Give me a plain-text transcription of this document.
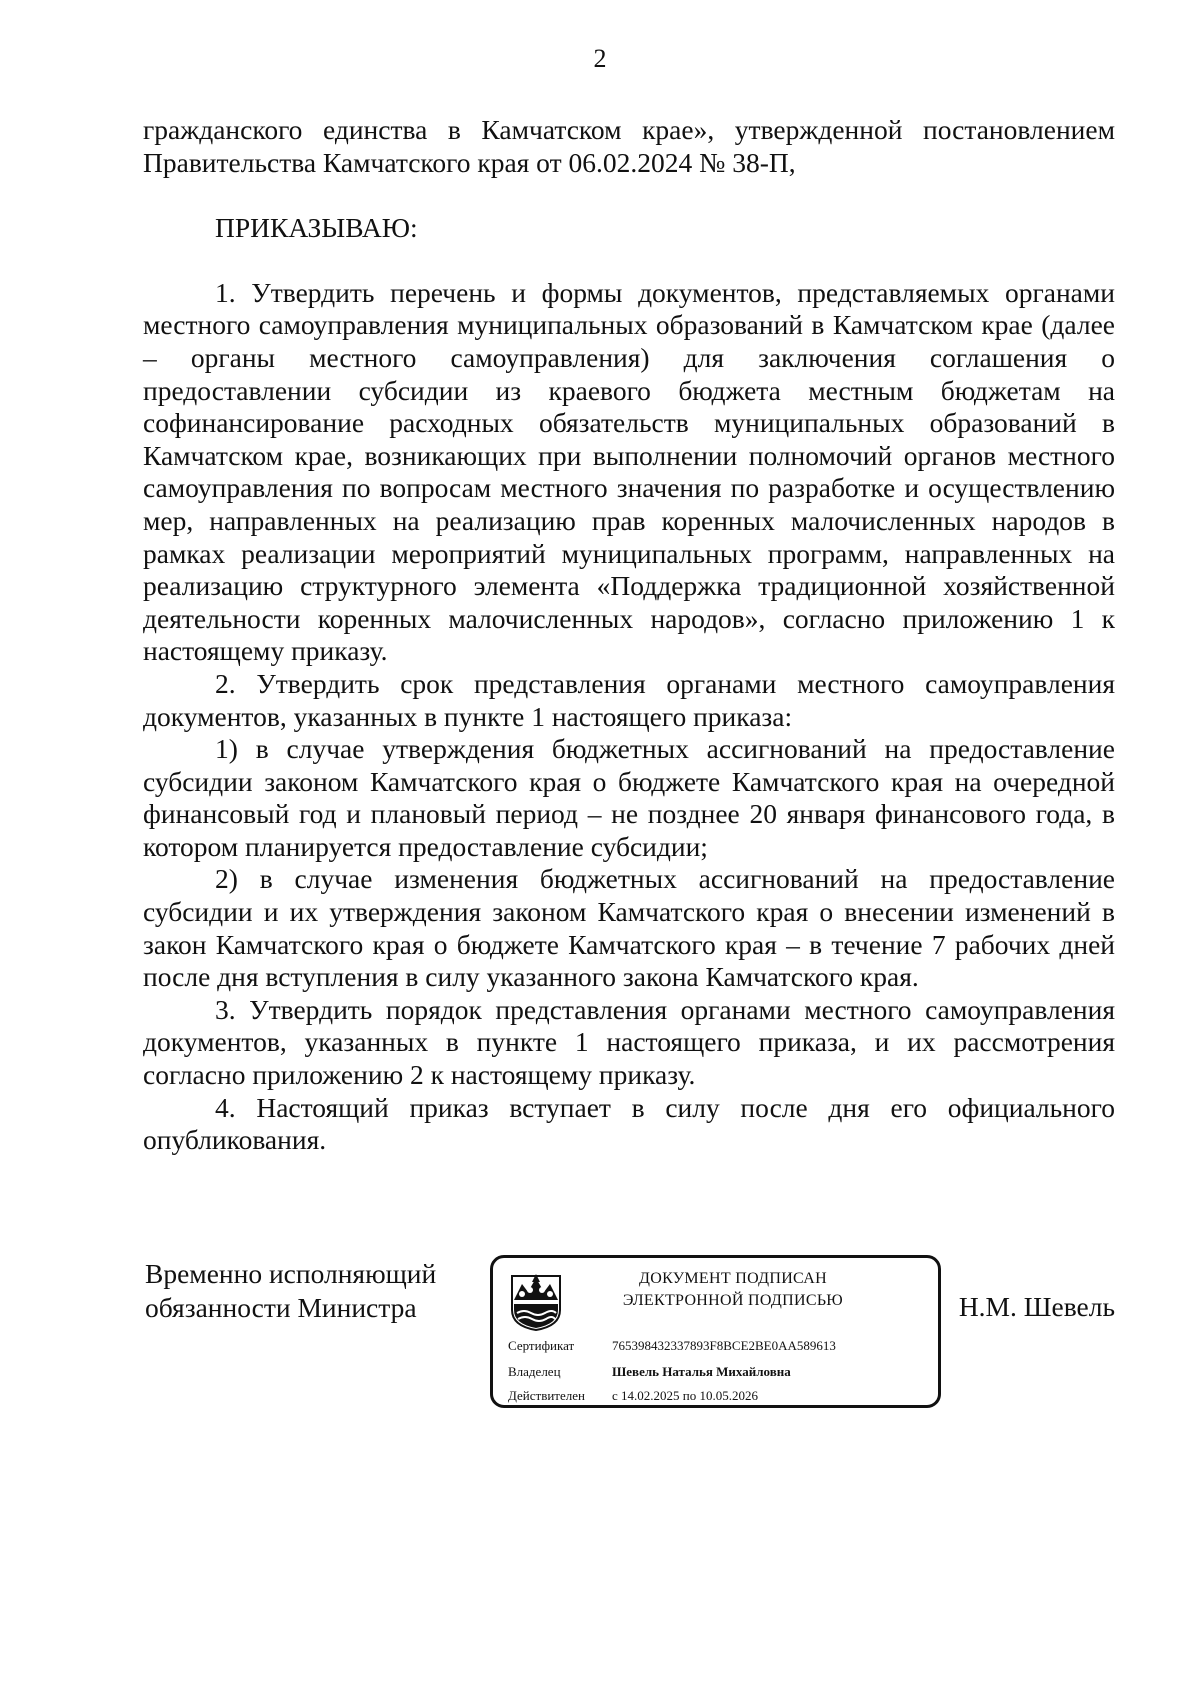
2

гражданского единства в Камчатском крае», утвержденной постановлением Правительства Камчатского края от 06.02.2024 № 38-П,

ПРИКАЗЫВАЮ:

1. Утвердить перечень и формы документов, представляемых органами местного самоуправления муниципальных образований в Камчатском крае (далее – органы местного самоуправления) для заключения соглашения о предоставлении субсидии из краевого бюджета местным бюджетам на софинансирование расходных обязательств муниципальных образований в Камчатском крае, возникающих при выполнении полномочий органов местного самоуправления по вопросам местного значения по разработке и осуществлению мер, направленных на реализацию прав коренных малочисленных народов в рамках реализации мероприятий муниципальных программ, направленных на реализацию структурного элемента «Поддержка традиционной хозяйственной деятельности коренных малочисленных народов», согласно приложению 1 к настоящему приказу.

2. Утвердить срок представления органами местного самоуправления документов, указанных в пункте 1 настоящего приказа:

1) в случае утверждения бюджетных ассигнований на предоставление субсидии законом Камчатского края о бюджете Камчатского края на очередной финансовый год и плановый период – не позднее 20 января финансового года, в котором планируется предоставление субсидии;

2) в случае изменения бюджетных ассигнований на предоставление субсидии и их утверждения законом Камчатского края о внесении изменений в закон Камчатского края о бюджете Камчатского края – в течение 7 рабочих дней после дня вступления в силу указанного закона Камчатского края.

3. Утвердить порядок представления органами местного самоуправления документов, указанных в пункте 1 настоящего приказа, и их рассмотрения согласно приложению 2 к настоящему приказу.

4. Настоящий приказ вступает в силу после дня его официального опубликования.

Временно исполняющий
обязанности Министра
ДОКУМЕНТ ПОДПИСАН
ЭЛЕКТРОННОЙ ПОДПИСЬЮ
Сертификат	765398432337893F8BCE2BE0AA589613
Владелец	Шевель Наталья Михайловна
Действителен с 14.02.2025 по 10.05.2026
Н.М. Шевель
